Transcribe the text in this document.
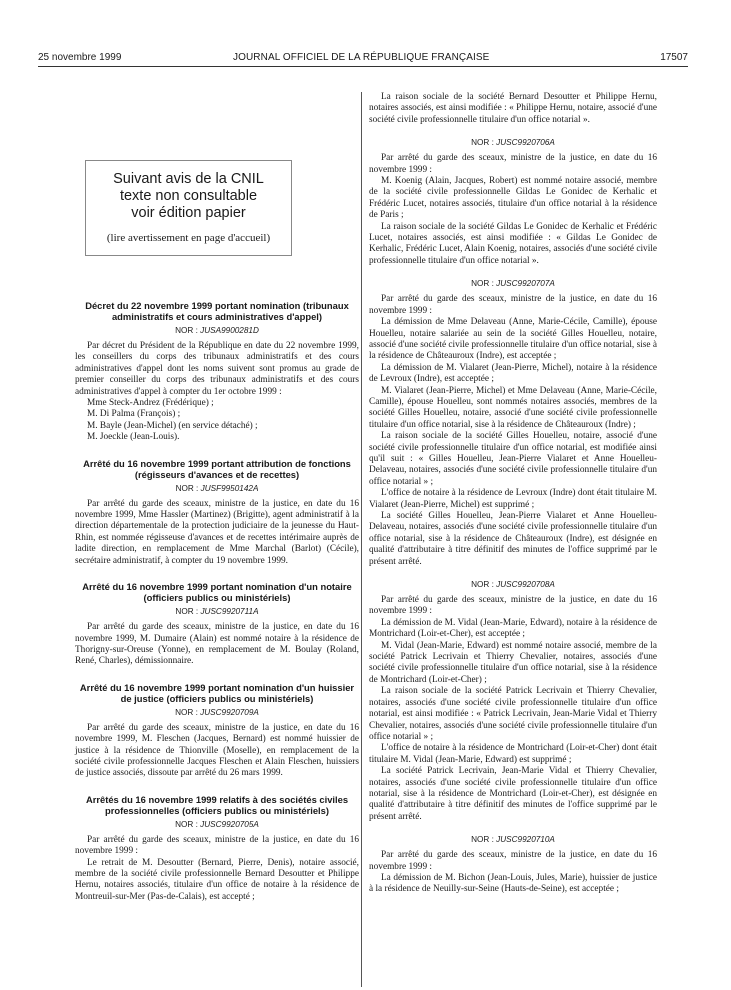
25 novembre 1999	JOURNAL OFFICIEL DE LA RÉPUBLIQUE FRANÇAISE	17507
Suivant avis de la CNIL
texte non consultable
voir édition papier
(lire avertissement en page d'accueil)
Décret du 22 novembre 1999 portant nomination (tribunaux administratifs et cours administratives d'appel)
NOR : JUSA9900281D

Par décret du Président de la République en date du 22 novembre 1999, les conseillers du corps des tribunaux administratifs et des cours administratives d'appel dont les noms suivent sont promus au grade de premier conseiller du corps des tribunaux administratifs et des cours administratives d'appel à compter du 1er octobre 1999 :

Mme Steck-Andrez (Frédérique) ;

M. Di Palma (François) ;

M. Bayle (Jean-Michel) (en service détaché) ;

M. Joeckle (Jean-Louis).

Arrêté du 16 novembre 1999 portant attribution de fonctions (régisseurs d'avances et de recettes)
NOR : JUSF9950142A

Par arrêté du garde des sceaux, ministre de la justice, en date du 16 novembre 1999, Mme Hassler (Martinez) (Brigitte), agent administratif à la direction départementale de la protection judiciaire de la jeunesse du Haut-Rhin, est nommée régisseuse d'avances et de recettes intérimaire auprès de ladite direction, en remplacement de Mme Marchal (Barlot) (Cécile), secrétaire administratif, à compter du 19 novembre 1999.

Arrêté du 16 novembre 1999 portant nomination d'un notaire (officiers publics ou ministériels)
NOR : JUSC9920711A

Par arrêté du garde des sceaux, ministre de la justice, en date du 16 novembre 1999, M. Dumaire (Alain) est nommé notaire à la résidence de Thorigny-sur-Oreuse (Yonne), en remplacement de M. Boulay (Roland, René, Charles), démissionnaire.

Arrêté du 16 novembre 1999 portant nomination d'un huissier de justice (officiers publics ou ministériels)
NOR : JUSC9920709A

Par arrêté du garde des sceaux, ministre de la justice, en date du 16 novembre 1999, M. Fleschen (Jacques, Bernard) est nommé huissier de justice à la résidence de Thionville (Moselle), en remplacement de la société civile professionnelle Jacques Fleschen et Alain Fleschen, huissiers de justice associés, dissoute par arrêté du 26 mars 1999.

Arrêtés du 16 novembre 1999 relatifs à des sociétés civiles professionnelles (officiers publics ou ministériels)
NOR : JUSC9920705A

Par arrêté du garde des sceaux, ministre de la justice, en date du 16 novembre 1999 :

Le retrait de M. Desoutter (Bernard, Pierre, Denis), notaire associé, membre de la société civile professionnelle Bernard Desoutter et Philippe Hernu, notaires associés, titulaire d'un office de notaire à la résidence de Montreuil-sur-Mer (Pas-de-Calais), est accepté ;

La raison sociale de la société Bernard Desoutter et Philippe Hernu, notaires associés, est ainsi modifiée : « Philippe Hernu, notaire, associé d'une société civile professionnelle titulaire d'un office notarial ».

NOR : JUSC9920706A

Par arrêté du garde des sceaux, ministre de la justice, en date du 16 novembre 1999 :

M. Koenig (Alain, Jacques, Robert) est nommé notaire associé, membre de la société civile professionnelle Gildas Le Gonidec de Kerhalic et Frédéric Lucet, notaires associés, titulaire d'un office notarial à la résidence de Paris ;

La raison sociale de la société Gildas Le Gonidec de Kerhalic et Frédéric Lucet, notaires associés, est ainsi modifiée : « Gildas Le Gonidec de Kerhalic, Frédéric Lucet, Alain Koenig, notaires, associés d'une société civile professionnelle titulaire d'un office notarial ».

NOR : JUSC9920707A

Par arrêté du garde des sceaux, ministre de la justice, en date du 16 novembre 1999 :

La démission de Mme Delaveau (Anne, Marie-Cécile, Camille), épouse Houelleu, notaire salariée au sein de la société Gilles Houelleu, notaire, associé d'une société civile professionnelle titulaire d'un office notarial, sise à la résidence de Châteauroux (Indre), est acceptée ;

La démission de M. Vialaret (Jean-Pierre, Michel), notaire à la résidence de Levroux (Indre), est acceptée ;

M. Vialaret (Jean-Pierre, Michel) et Mme Delaveau (Anne, Marie-Cécile, Camille), épouse Houelleu, sont nommés notaires associés, membres de la société Gilles Houelleu, notaire, associé d'une société civile professionnelle titulaire d'un office notarial, sise à la résidence de Châteauroux (Indre) ;

La raison sociale de la société Gilles Houelleu, notaire, associé d'une société civile professionnelle titulaire d'un office notarial, est modifiée ainsi qu'il suit : « Gilles Houelleu, Jean-Pierre Vialaret et Anne Houelleu-Delaveau, notaires, associés d'une société civile professionnelle titulaire d'un office notarial » ;

L'office de notaire à la résidence de Levroux (Indre) dont était titulaire M. Vialaret (Jean-Pierre, Michel) est supprimé ;

La société Gilles Houelleu, Jean-Pierre Vialaret et Anne Houelleu-Delaveau, notaires, associés d'une société civile professionnelle titulaire d'un office notarial, sise à la résidence de Châteauroux (Indre), est désignée en qualité d'attributaire à titre définitif des minutes de l'office supprimé par le présent arrêté.

NOR : JUSC9920708A

Par arrêté du garde des sceaux, ministre de la justice, en date du 16 novembre 1999 :

La démission de M. Vidal (Jean-Marie, Edward), notaire à la résidence de Montrichard (Loir-et-Cher), est acceptée ;

M. Vidal (Jean-Marie, Edward) est nommé notaire associé, membre de la société Patrick Lecrivain et Thierry Chevalier, notaires, associés d'une société civile professionnelle titulaire d'un office notarial, sise à la résidence de Montrichard (Loir-et-Cher) ;

La raison sociale de la société Patrick Lecrivain et Thierry Chevalier, notaires, associés d'une société civile professionnelle titulaire d'un office notarial, est ainsi modifiée : « Patrick Lecrivain, Jean-Marie Vidal et Thierry Chevalier, notaires, associés d'une société civile professionnelle titulaire d'un office notarial » ;

L'office de notaire à la résidence de Montrichard (Loir-et-Cher) dont était titulaire M. Vidal (Jean-Marie, Edward) est supprimé ;

La société Patrick Lecrivain, Jean-Marie Vidal et Thierry Chevalier, notaires, associés d'une société civile professionnelle titulaire d'un office notarial, sise à la résidence de Montrichard (Loir-et-Cher), est désignée en qualité d'attributaire à titre définitif des minutes de l'office supprimé par le présent arrêté.

NOR : JUSC9920710A

Par arrêté du garde des sceaux, ministre de la justice, en date du 16 novembre 1999 :

La démission de M. Bichon (Jean-Louis, Jules, Marie), huissier de justice à la résidence de Neuilly-sur-Seine (Hauts-de-Seine), est acceptée ;
